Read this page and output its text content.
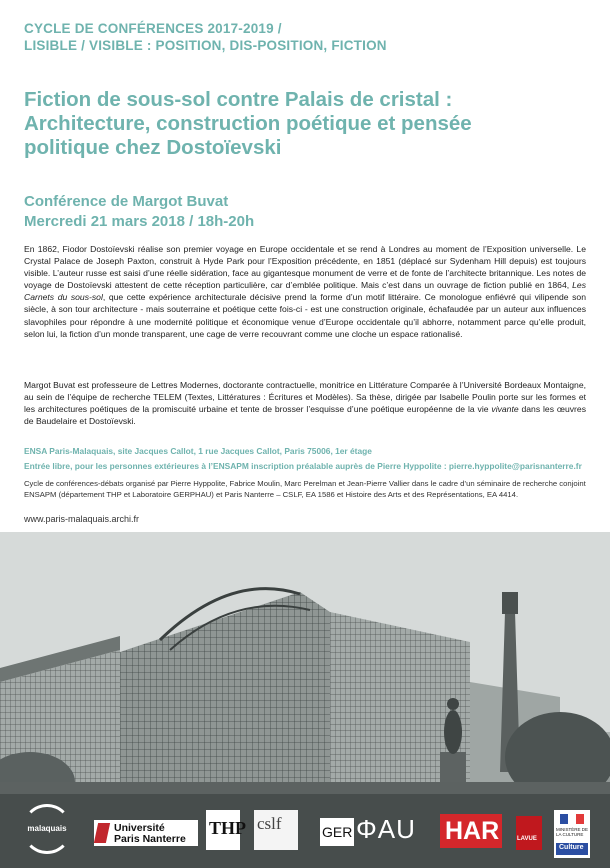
CYCLE DE CONFÉRENCES 2017-2019 /
LISIBLE / VISIBLE : POSITION, DIS-POSITION, FICTION
Fiction de sous-sol contre Palais de cristal :
Architecture, construction poétique et pensée
politique chez Dostoïevski
Conférence de Margot Buvat
Mercredi 21 mars 2018 / 18h-20h

En 1862, Fiodor Dostoïevski réalise son premier voyage en Europe occidentale et se rend à Londres au moment de l’Exposition universelle. Le Crystal Palace de Joseph Paxton, construit à Hyde Park pour l’Exposition précédente, en 1851 (déplacé sur Sydenham Hill depuis) est toujours visible. L’auteur russe est saisi d’une réelle sidération, face au gigantesque monument de verre et de fonte de l’architecte britannique. Les notes de voyage de Dostoïevski attestent de cette réception particulière, car d’emblée politique. Mais c’est dans un ouvrage de fiction publié en 1864, Les Carnets du sous-sol, que cette expérience architecturale décisive prend la forme d’un motif littéraire. Ce monologue enfiévré qui vilipende son siècle, à son tour architecture - mais souterraine et poétique cette fois-ci - est une construction originale, échafaudée par un auteur aux influences slavophiles pour répondre à une modernité politique et économique venue d’Europe occidentale qu’il abhorre, notamment parce qu’elle produit, selon lui, la fiction d’un monde transparent, une cage de verre recouvrant comme une cloche un espace rationalisé.

Margot Buvat est professeure de Lettres Modernes, doctorante contractuelle, monitrice en Littérature Comparée à l’Université Bordeaux Montaigne, au sein de l’équipe de recherche TELEM (Textes, Littératures : Écritures et Modèles). Sa thèse, dirigée par Isabelle Poulin porte sur les formes et les architectures poétiques de la promiscuité urbaine et tente de brosser l’esquisse d’une poétique européenne de la vie vivante dans les œuvres de Baudelaire et Dostoïevski.

ENSA Paris-Malaquais, site Jacques Callot, 1 rue Jacques Callot, Paris 75006, 1er étage
Entrée libre, pour les personnes extérieures à l’ENSAPM inscription préalable auprès de Pierre Hyppolite : pierre.hyppolite@parisnanterre.fr

Cycle de conférences-débats organisé par Pierre Hyppolite, Fabrice Moulin, Marc Perelman et Jean-Pierre Vallier dans le cadre d’un séminaire de recherche conjoint ENSAPM (département THP et Laboratoire GERPHAU) et Paris Nanterre – CSLF, EA 1586 et Histoire des Arts et des Représentations, EA 4414.

www.paris-malaquais.archi.fr
malaquais	Université
Paris Nanterre
THP cslf	GER ΦAU HAR	LAVUE
MINISTÈRE DE LA CULTURE
Culture
